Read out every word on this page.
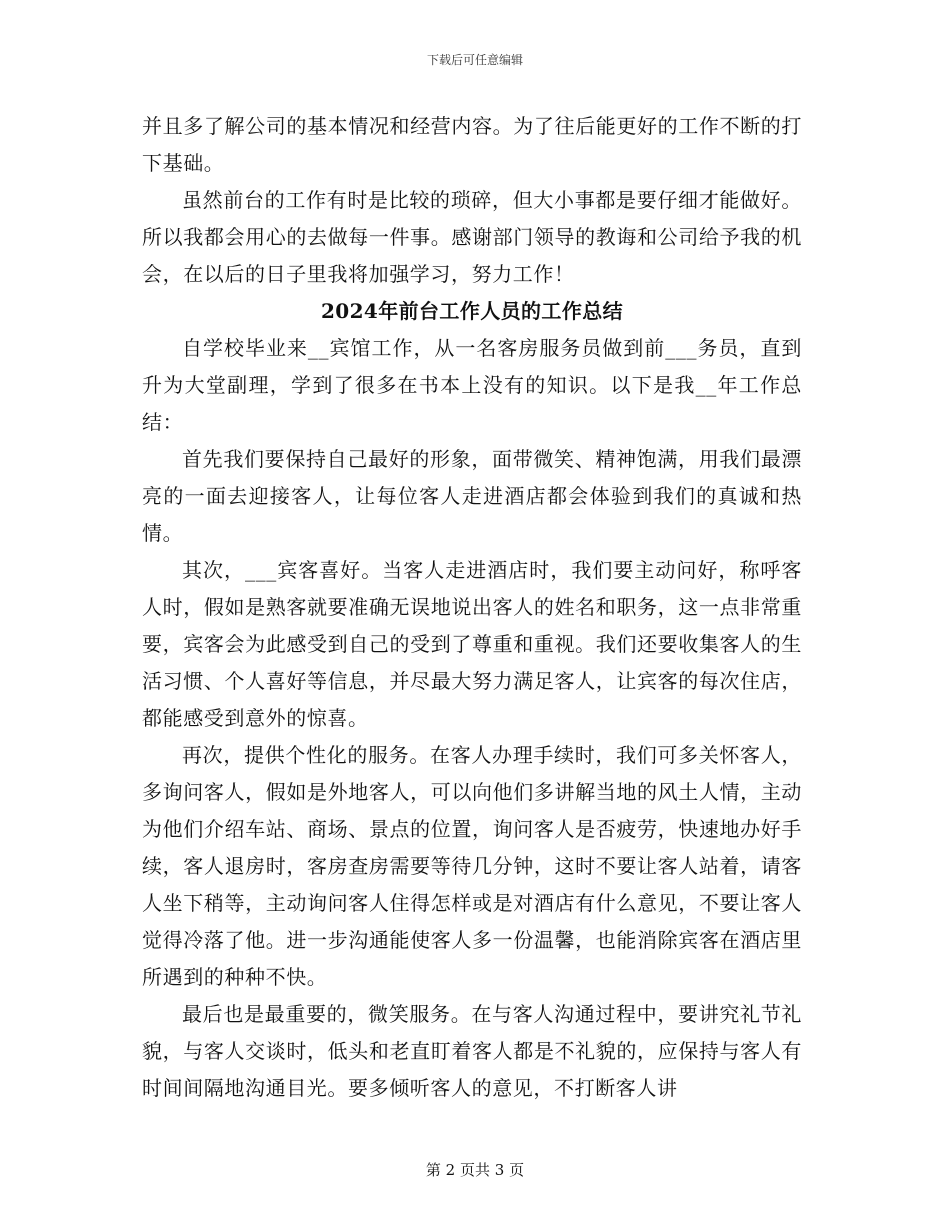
下载后可任意编辑

并且多了解公司的基本情况和经营内容。为了往后能更好的工作不断的打下基础。

虽然前台的工作有时是比较的琐碎，但大小事都是要仔细才能做好。所以我都会用心的去做每一件事。感谢部门领导的教诲和公司给予我的机会，在以后的日子里我将加强学习，努力工作！

2024年前台工作人员的工作总结

自学校毕业来__宾馆工作，从一名客房服务员做到前___务员，直到升为大堂副理，学到了很多在书本上没有的知识。以下是我__年工作总结：

首先我们要保持自己最好的形象，面带微笑、精神饱满，用我们最漂亮的一面去迎接客人，让每位客人走进酒店都会体验到我们的真诚和热情。

其次，___宾客喜好。当客人走进酒店时，我们要主动问好，称呼客人时，假如是熟客就要准确无误地说出客人的姓名和职务，这一点非常重要，宾客会为此感受到自己的受到了尊重和重视。我们还要收集客人的生活习惯、个人喜好等信息，并尽最大努力满足客人，让宾客的每次住店，都能感受到意外的惊喜。

再次，提供个性化的服务。在客人办理手续时，我们可多关怀客人，多询问客人，假如是外地客人，可以向他们多讲解当地的风土人情，主动为他们介绍车站、商场、景点的位置，询问客人是否疲劳，快速地办好手续，客人退房时，客房查房需要等待几分钟，这时不要让客人站着，请客人坐下稍等，主动询问客人住得怎样或是对酒店有什么意见，不要让客人觉得冷落了他。进一步沟通能使客人多一份温馨，也能消除宾客在酒店里所遇到的种种不快。

最后也是最重要的，微笑服务。在与客人沟通过程中，要讲究礼节礼貌，与客人交谈时，低头和老直盯着客人都是不礼貌的，应保持与客人有时间间隔地沟通目光。要多倾听客人的意见，不打断客人讲

第 2 页共 3 页
